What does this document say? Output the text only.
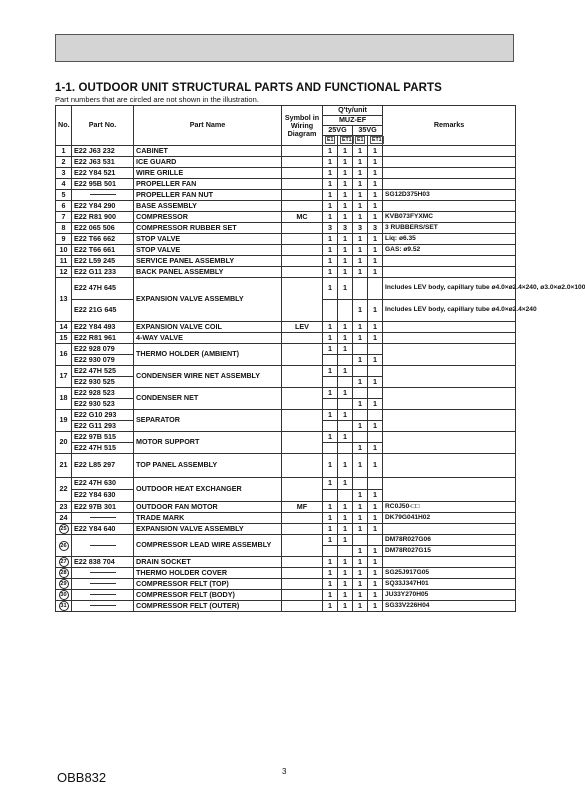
1-1. OUTDOOR UNIT STRUCTURAL PARTS AND FUNCTIONAL PARTS
Part numbers that are circled are not shown in the illustration.
No.	Part No.	Part Name	Symbol in Wiring Diagram	Q'ty/unit				Remarks
				MUZ-EF				
				25VG		35VG		
				E1	ET1	E1	ET1	
1	E22 J63 232	CABINET		1	1	1	1	
2	E22 J63 531	ICE GUARD		1	1	1	1	
3	E22 Y84 521	WIRE GRILLE		1	1	1	1	
4	E22 95B 501	PROPELLER FAN		1	1	1	1	
5		PROPELLER FAN NUT		1	1	1	1	SG12D375H03
6	E22 Y84 290	BASE ASSEMBLY		1	1	1	1	
7	E22 R81 900	COMPRESSOR	MC	1	1	1	1	KVB073FYXMC
8	E22 065 506	COMPRESSOR RUBBER SET		3	3	3	3	3 RUBBERS/SET
9	E22 T66 662	STOP VALVE		1	1	1	1	Liq: ø6.35
10	E22 T66 661	STOP VALVE		1	1	1	1	GAS: ø9.52
11	E22 L59 245	SERVICE PANEL ASSEMBLY		1	1	1	1	
12	E22 G11 233	BACK PANEL ASSEMBLY		1	1	1	1	
13	E22 47H 645	EXPANSION VALVE ASSEMBLY		1	1			Includes LEV body, capillary tube ø4.0×ø2.4×240, ø3.0×ø2.0×100
	E22 21G 645					1	1	Includes LEV body, capillary tube ø4.0×ø2.4×240
14	E22 Y84 493	EXPANSION VALVE COIL	LEV	1	1	1	1	
15	E22 R81 961	4-WAY VALVE		1	1	1	1	
16	E22 928 079	THERMO HOLDER (AMBIENT)		1	1			
	E22 930 079					1	1	
17	E22 47H 525	CONDENSER WIRE NET ASSEMBLY		1	1			
	E22 930 525					1	1	
18	E22 928 523	CONDENSER NET		1	1			
	E22 930 523					1	1	
19	E22 G10 293	SEPARATOR		1	1			
	E22 G11 293					1	1	
20	E22 97B 515	MOTOR SUPPORT		1	1			
	E22 47H 515					1	1	
21	E22 L85 297	TOP PANEL ASSEMBLY		1	1	1	1	
22	E22 47H 630	OUTDOOR HEAT EXCHANGER		1	1			
	E22 Y84 630					1	1	
23	E22 97B 301	OUTDOOR FAN MOTOR	MF	1	1	1	1	RC0J50-□□
24		TRADE MARK		1	1	1	1	DK79G041H02
25	E22 Y84 640	EXPANSION VALVE ASSEMBLY		1	1	1	1	
26		COMPRESSOR LEAD WIRE ASSEMBLY		1	1			DM78R027G06
						1	1	DM78R027G15
27	E22 838 704	DRAIN SOCKET		1	1	1	1	
28		THERMO HOLDER COVER		1	1	1	1	SG25J917G05
29		COMPRESSOR FELT (TOP)		1	1	1	1	SQ33J347H01
30		COMPRESSOR FELT (BODY)		1	1	1	1	JU33Y270H05
31		COMPRESSOR FELT (OUTER)		1	1	1	1	SG33V226H04
3
OBB832
